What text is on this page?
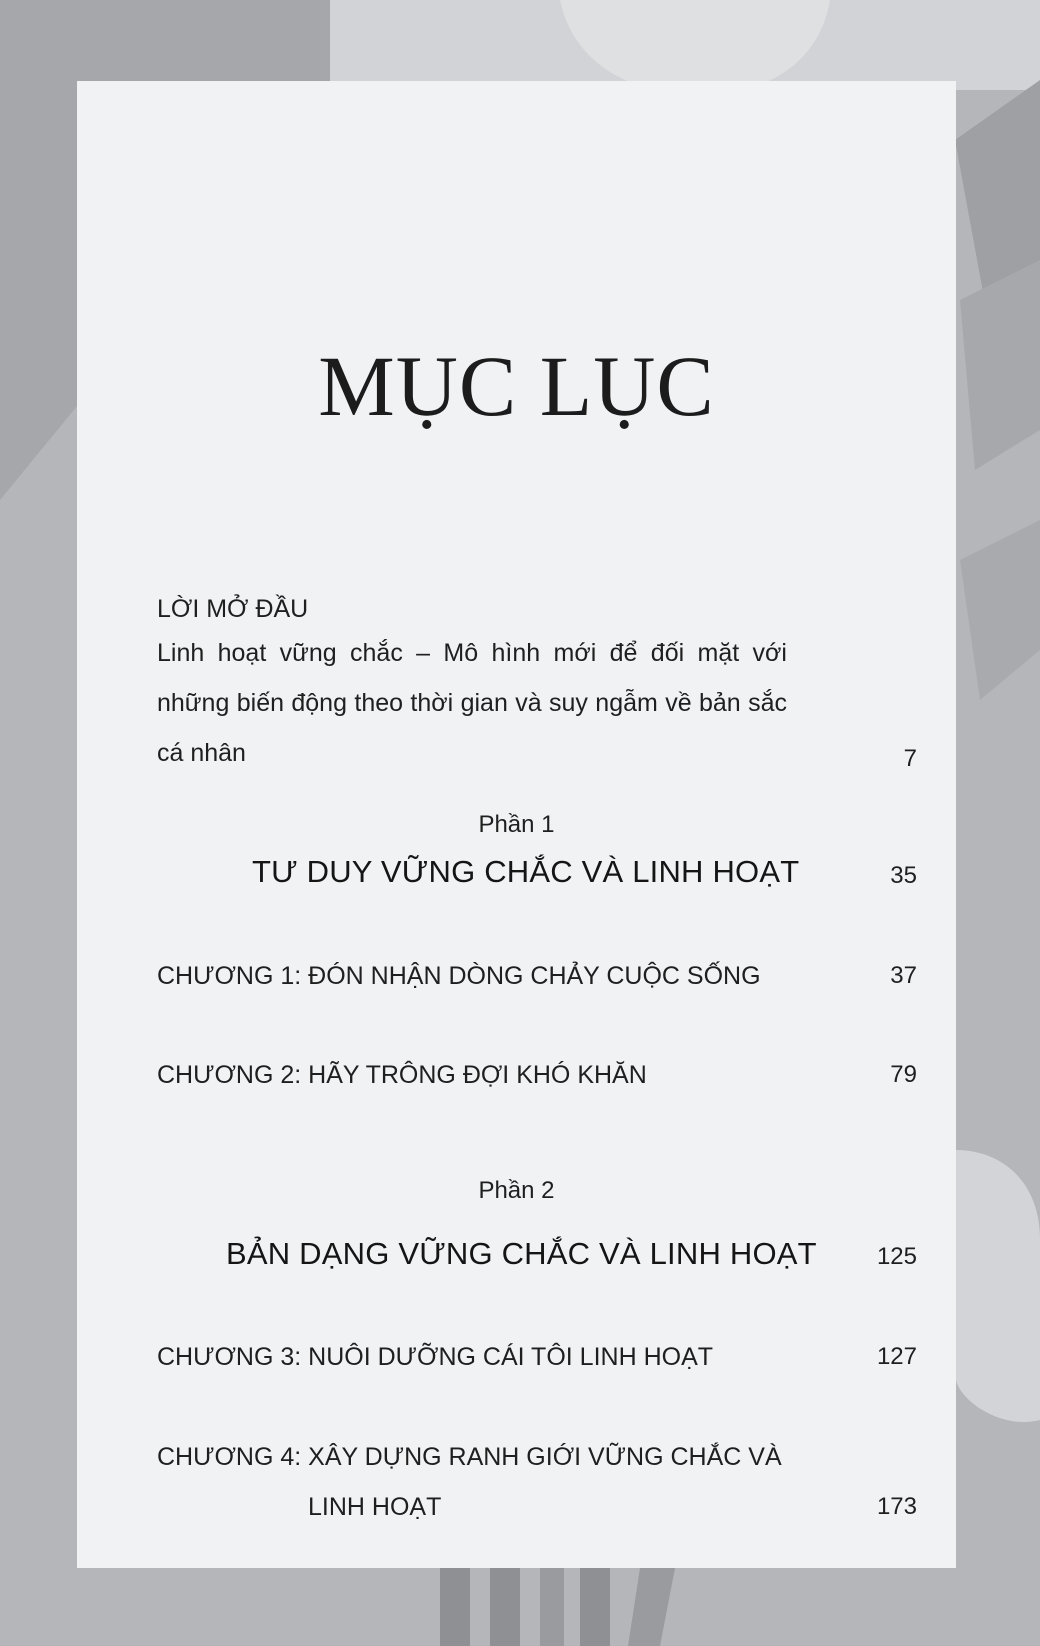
MỤC LỤC
LỜI MỞ ĐẦU
Linh hoạt vững chắc – Mô hình mới để đối mặt với những biến động theo thời gian và suy ngẫm về bản sắc cá nhân	7
Phần 1
TƯ DUY VỮNG CHẮC VÀ LINH HOẠT	35
CHƯƠNG 1: ĐÓN NHẬN DÒNG CHẢY CUỘC SỐNG	37
CHƯƠNG 2: HÃY TRÔNG ĐỢI KHÓ KHĂN	79
Phần 2
BẢN DẠNG VỮNG CHẮC VÀ LINH HOẠT	125
CHƯƠNG 3: NUÔI DƯỠNG CÁI TÔI LINH HOẠT	127
CHƯƠNG 4: XÂY DỰNG RANH GIỚI VỮNG CHẮC VÀ
LINH HOẠT	173
